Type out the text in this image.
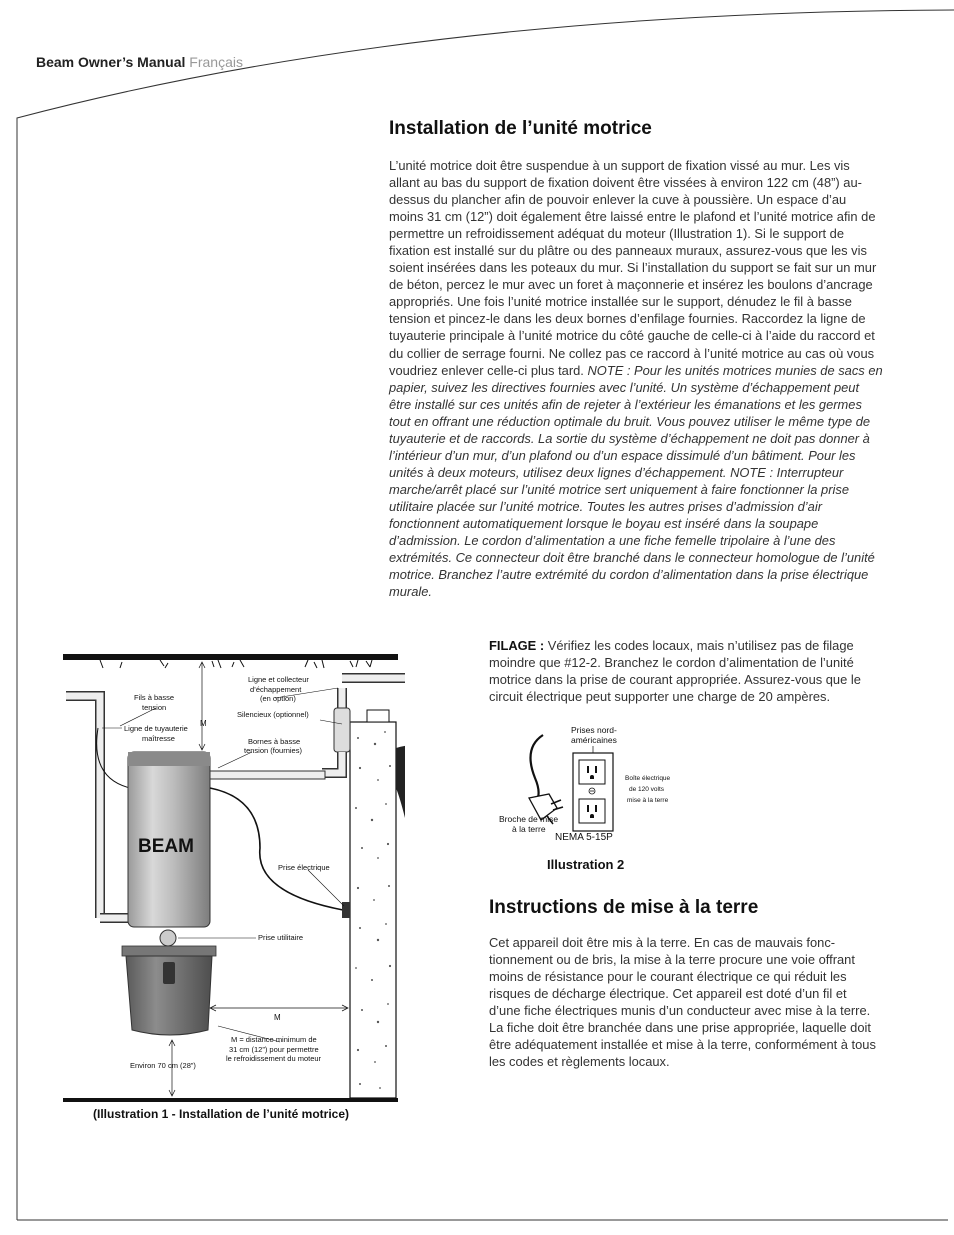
Beam Owner’s Manual Français
Installation de l’unité motrice
L’unité motrice doit être suspendue à un support de fixation vissé au mur. Les vis allant au bas du support de fixation doivent être vissées à environ 122 cm (48”) au-dessus du plancher afin de pouvoir enlever la cuve à poussière. Un espace d’au moins 31 cm (12”) doit également être laissé entre le plafond et l’unité motrice afin de permettre un refroidissement adéquat du moteur (Illustration 1). Si le support de fixation est installé sur du plâtre ou des panneaux muraux, assurez-vous que les vis soient insérées dans les poteaux du mur. Si l’installation du support se fait sur un mur de béton, percez le mur avec un foret à maçonnerie et insérez les boulons d’ancrage appropriés. Une fois l’unité motrice installée sur le support, dénudez le fil à basse tension et pincez-le dans les deux bornes d’enfilage fournies. Raccordez la ligne de tuyauterie principale à l’unité motrice du côté gauche de celle-ci à l’aide du raccord et du collier de serrage fourni. Ne collez pas ce raccord à l’unité motrice au cas où vous voudriez enlever celle-ci plus tard. NOTE : Pour les unités motrices munies de sacs en papier, suivez les directives fournies avec l’unité. Un système d’échappement peut être installé sur ces unités afin de rejeter à l’extérieur les émanations et les germes tout en offrant une réduction optimale du bruit. Vous pouvez utiliser le même type de tuyauterie et de raccords. La sortie du système d’échappement ne doit pas donner à l’intérieur d’un mur, d’un plafond ou d’un espace dissimulé d’un bâtiment. Pour les unités à deux moteurs, utilisez deux lignes d’échappement. NOTE : Interrupteur marche/arrêt placé sur l’unité motrice sert uniquement à faire fonctionner la prise utilitaire placée sur l’unité motrice. Toutes les autres prises d’admission d’air fonctionnent automatiquement lorsque le boyau est inséré dans la soupape d’admission. Le cordon d’alimentation a une fiche femelle tripolaire à l’une des extrémités. Ce connecteur doit être branché dans le connecteur homologue de l’unité motrice. Branchez l’autre extrémité du cordon d’alimentation dans la prise électrique murale.
FILAGE : Vérifiez les codes locaux, mais n’utilisez pas de filage moindre que #12-2. Branchez le cordon d’alimentation de l’unité motrice dans la prise de courant appropriée. Assurez-vous que le circuit électrique peut supporter une charge de 20 ampères.
Prises nord-
américaines
Boîte électrique
de 120 volts
mise à la terre
Broche de mise
à la terre
NEMA 5-15P
Illustration 2
Instructions de mise à la terre
Cet appareil doit être mis à la terre. En cas de mauvais fonc-tionnement ou de bris, la mise à la terre procure une voie offrant moins de résistance pour le courant électrique ce qui réduit les risques de décharge électrique. Cet appareil est doté d’un fil et d’une fiche électriques munis d’un conducteur avec mise à la terre. La fiche doit être branchée dans une prise appropriée, laquelle doit être adéquatement installée et mise à la terre, conformément à tous les codes et règlements locaux.
BEAM
M
M
Fils à basse
tension
Ligne de tuyauterie
maîtresse
Ligne et collecteur
d’échappement
(en option)
Silencieux (optionnel)
Bornes à basse
tension (fournies)
Prise électrique
Prise utilitaire
M = distance minimum de
31 cm (12”) pour permettre
le refroidissement du moteur
Environ 70 cm (28”)
(Illustration 1 - Installation de l’unité motrice)
